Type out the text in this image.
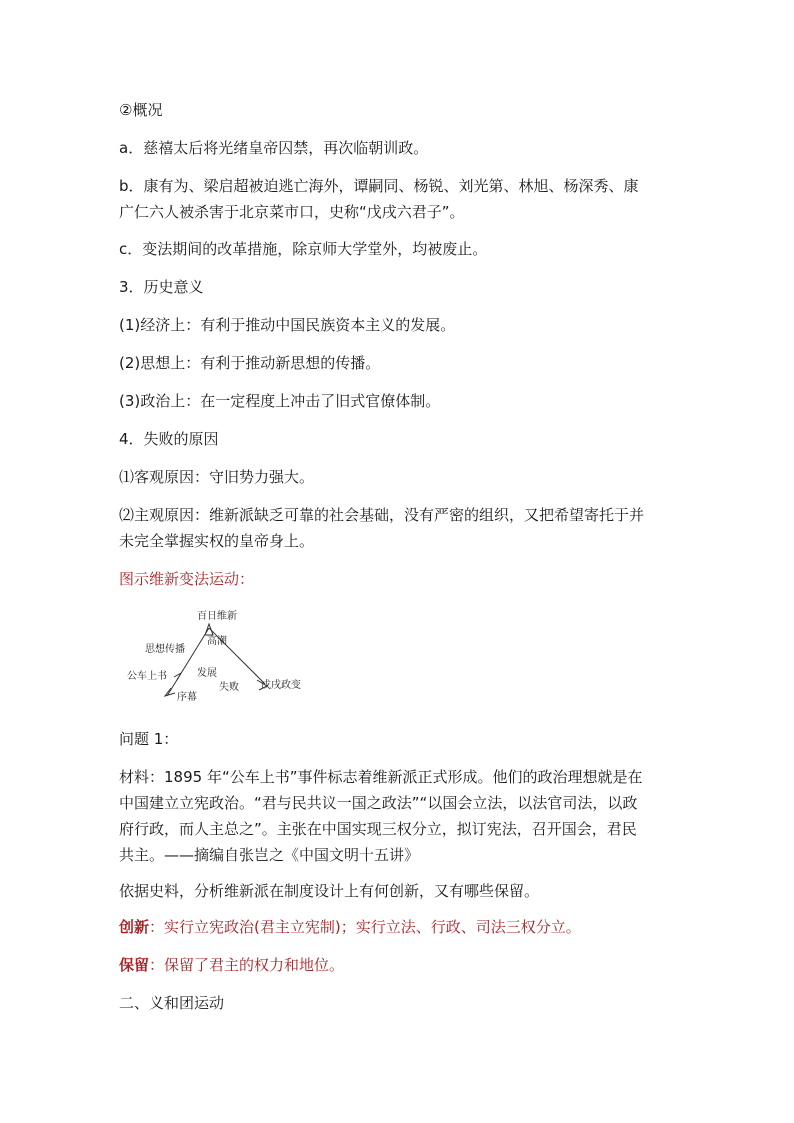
②概况
a．慈禧太后将光绪皇帝囚禁，再次临朝训政。
b．康有为、梁启超被迫逃亡海外，谭嗣同、杨锐、刘光第、林旭、杨深秀、康
广仁六人被杀害于北京菜市口，史称“戊戌六君子”。
c．变法期间的改革措施，除京师大学堂外，均被废止。
3．历史意义
(1)经济上：有利于推动中国民族资本主义的发展。
(2)思想上：有利于推动新思想的传播。
(3)政治上：在一定程度上冲击了旧式官僚体制。
4．失败的原因
⑴客观原因：守旧势力强大。
⑵主观原因：维新派缺乏可靠的社会基础，没有严密的组织，又把希望寄托于并
未完全掌握实权的皇帝身上。
图示维新变法运动：
百日维新
高潮
思想传播
发展
公车上书
序幕
失败 戊戌政变
问题 1：
材料：1895 年“公车上书”事件标志着维新派正式形成。他们的政治理想就是在
中国建立立宪政治。“君与民共议一国之政法”“以国会立法，以法官司法，以政
府行政，而人主总之”。主张在中国实现三权分立，拟订宪法，召开国会，君民
共主。——摘编自张岂之《中国文明十五讲》
依据史料，分析维新派在制度设计上有何创新，又有哪些保留。
创新：实行立宪政治(君主立宪制)；实行立法、行政、司法三权分立。
保留：保留了君主的权力和地位。
二、义和团运动
